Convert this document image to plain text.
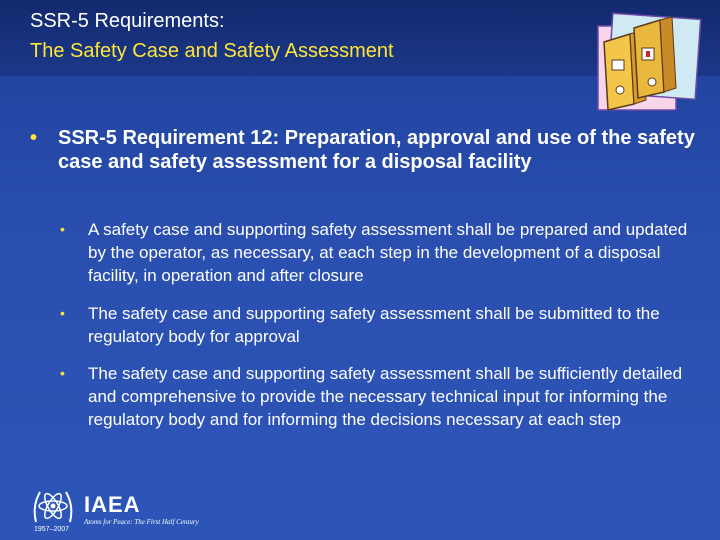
SSR-5 Requirements:
The Safety Case and Safety Assessment
• SSR-5 Requirement 12: Preparation, approval and use of the safety case and safety assessment for a disposal facility
• A safety case and supporting safety assessment shall be prepared and updated by the operator, as necessary, at each step in the development of a disposal facility, in operation and after closure
• The safety case and supporting safety assessment shall be submitted to the regulatory body for approval
• The safety case and supporting safety assessment shall be sufficiently detailed and comprehensive to provide the necessary technical input for informing the regulatory body and for informing the decisions necessary at each step
IAEA
Atoms for Peace: The First Half Century
1957–2007
